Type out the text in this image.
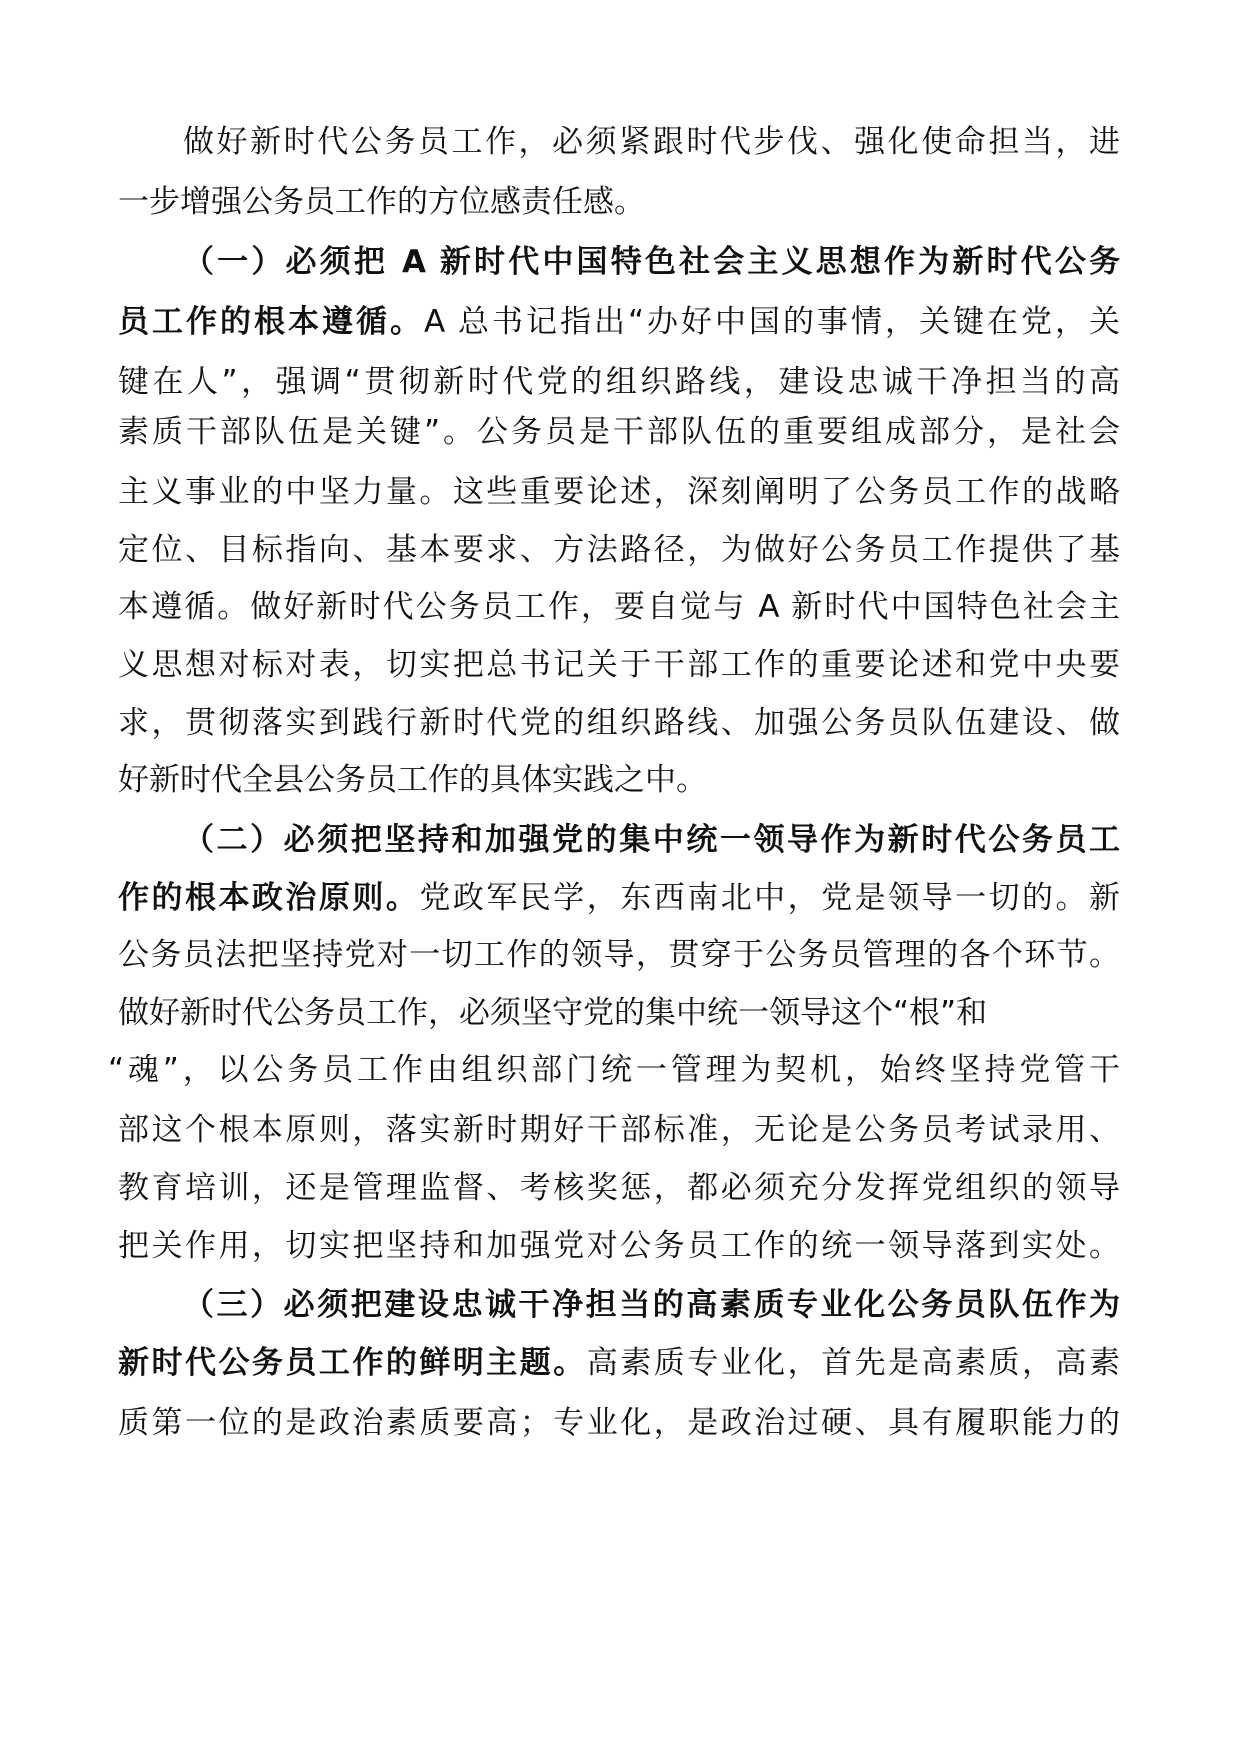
做好新时代公务员工作，必须紧跟时代步伐、强化使命担当，进
一步增强公务员工作的方位感责任感。
（一）必须把 A 新时代中国特色社会主义思想作为新时代公务
员工作的根本遵循。A 总书记指出“办好中国的事情，关键在党，关
键在人”，强调“贯彻新时代党的组织路线，建设忠诚干净担当的高
素质干部队伍是关键”。公务员是干部队伍的重要组成部分，是社会
主义事业的中坚力量。这些重要论述，深刻阐明了公务员工作的战略
定位、目标指向、基本要求、方法路径，为做好公务员工作提供了基
本遵循。做好新时代公务员工作，要自觉与 A 新时代中国特色社会主
义思想对标对表，切实把总书记关于干部工作的重要论述和党中央要
求，贯彻落实到践行新时代党的组织路线、加强公务员队伍建设、做
好新时代全县公务员工作的具体实践之中。
（二）必须把坚持和加强党的集中统一领导作为新时代公务员工
作的根本政治原则。党政军民学，东西南北中，党是领导一切的。新
公务员法把坚持党对一切工作的领导，贯穿于公务员管理的各个环节。
做好新时代公务员工作，必须坚守党的集中统一领导这个“根”和
“魂”，以公务员工作由组织部门统一管理为契机，始终坚持党管干
部这个根本原则，落实新时期好干部标准，无论是公务员考试录用、
教育培训，还是管理监督、考核奖惩，都必须充分发挥党组织的领导
把关作用，切实把坚持和加强党对公务员工作的统一领导落到实处。
（三）必须把建设忠诚干净担当的高素质专业化公务员队伍作为
新时代公务员工作的鲜明主题。高素质专业化，首先是高素质，高素
质第一位的是政治素质要高；专业化，是政治过硬、具有履职能力的
